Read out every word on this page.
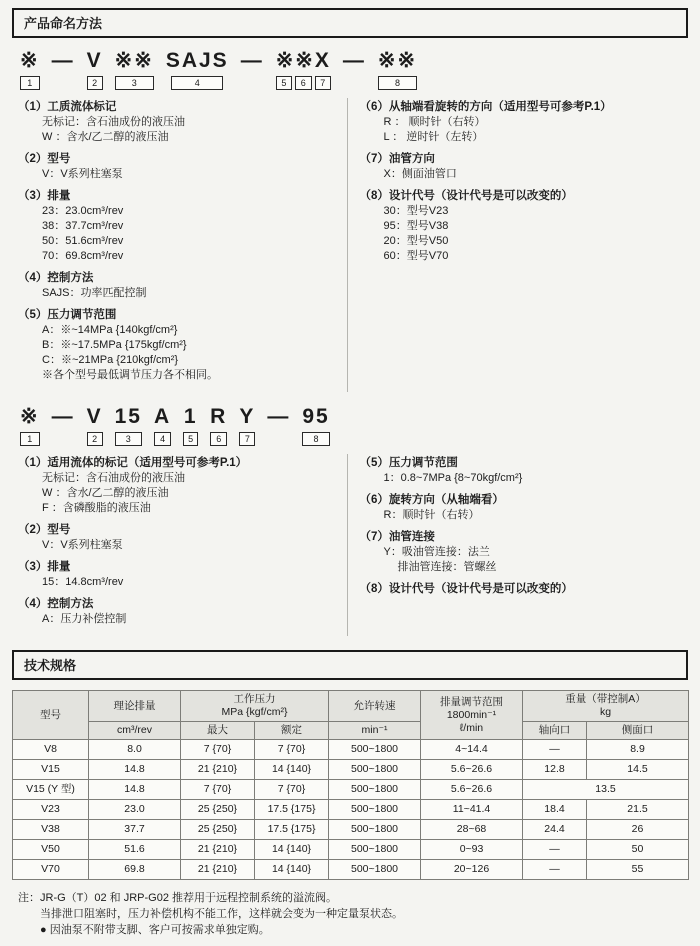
产品命名方法
※
1
— V
2
※※
3
SAJS
4
— ※※X
5	6	7
— ※※
8
（1）工质流体标记
无标记：含石油成份的液压油
W ：含水/乙二醇的液压油
（2）型号
V：V系列柱塞泵
（3）排量
23：23.0cm³/rev
38：37.7cm³/rev
50：51.6cm³/rev
70：69.8cm³/rev
（4）控制方法
SAJS：功率匹配控制
（5）压力调节范围
A：※~14MPa {140kgf/cm²}
B：※~17.5MPa {175kgf/cm²}
C：※~21MPa {210kgf/cm²}
※各个型号最低调节压力各不相同。
（6）从轴端看旋转的方向（适用型号可参考P.1）
R ： 顺时针（右转）
L ： 逆时针（左转）
（7）油管方向
X：侧面油管口
（8）设计代号（设计代号是可以改变的）
30：型号V23
95：型号V38
20：型号V50
60：型号V70
※
1
— V
2
15
3
A
4
1
5
R
6
Y
7
— 95
8
（1）适用流体的标记（适用型号可参考P.1）
无标记：含石油成份的液压油
W ：含水/乙二醇的液压油
F ：含磷酸脂的液压油
（2）型号
V：V系列柱塞泵
（3）排量
15：14.8cm³/rev
（4）控制方法
A：压力补偿控制
（5）压力调节范围
1：0.8~7MPa {8~70kgf/cm²}
（6）旋转方向（从轴端看）
R：顺时针（右转）
（7）油管连接
Y：吸油管连接：法兰
　 排油管连接：管螺丝
（8）设计代号（设计代号是可以改变的）
技术规格
型号	理论排量	
工作压力
MPa {kgf/cm²}
	允许转速	排量调节范围
1800min⁻¹
ℓ/min

重量（带控制A）
kg

	cm³/rev	最大	额定	min⁻¹		轴向口	侧面口
V8	8.0	7 {70}	7 {70}	500~1800	4~14.4	—	8.9
V15	14.8	21 {210}	14 {140}	500~1800	5.6~26.6	12.8	14.5
V15 (Y 型)	14.8	7 {70}	7 {70}	500~1800	5.6~26.6	13.5	
V23	23.0	25 {250}	17.5 {175}	500~1800	11~41.4	18.4	21.5
V38	37.7	25 {250}	17.5 {175}	500~1800	28~68	24.4	26
V50	51.6	21 {210}	14 {140}	500~1800	0~93	—	50
V70	69.8	21 {210}	14 {140}	500~1800	20~126	—	55
注：JR-G（T）02 和 JRP-G02 推荐用于远程控制系统的溢流阀。
当排泄口阻塞时，压力补偿机构不能工作，这样就会变为一种定量泵状态。
● 因油泵不附带支脚、客户可按需求单独定购。
